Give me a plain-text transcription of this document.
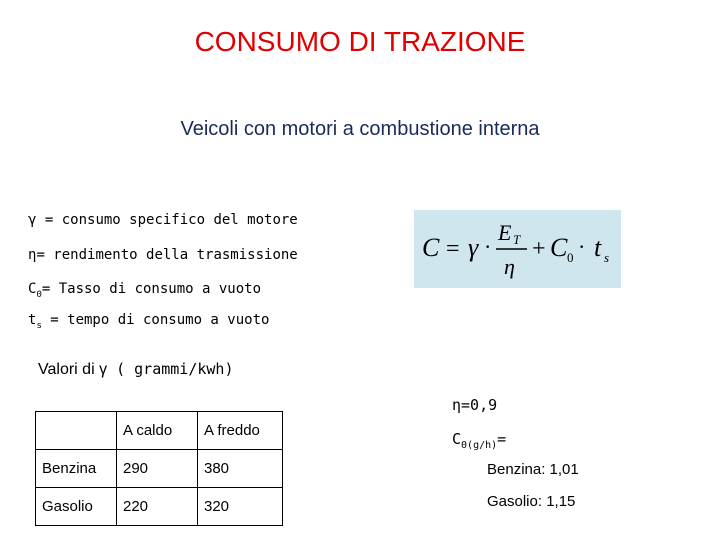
CONSUMO DI TRAZIONE
Veicoli con motori a combustione interna
γ = consumo specifico del motore
η= rendimento della trasmissione
$C_0=$ Tasso di consumo a vuoto
$t_s$ = tempo di consumo a vuoto
C = γ ·
E T
η
+ C 0 · t s
Valori di γ ( grammi/kwh)
	A caldo	A freddo
Benzina	290	380
Gasolio	220	320
η=0,9
$C_{0(g/h)}=$
Benzina: 1,01
Gasolio: 1,15
